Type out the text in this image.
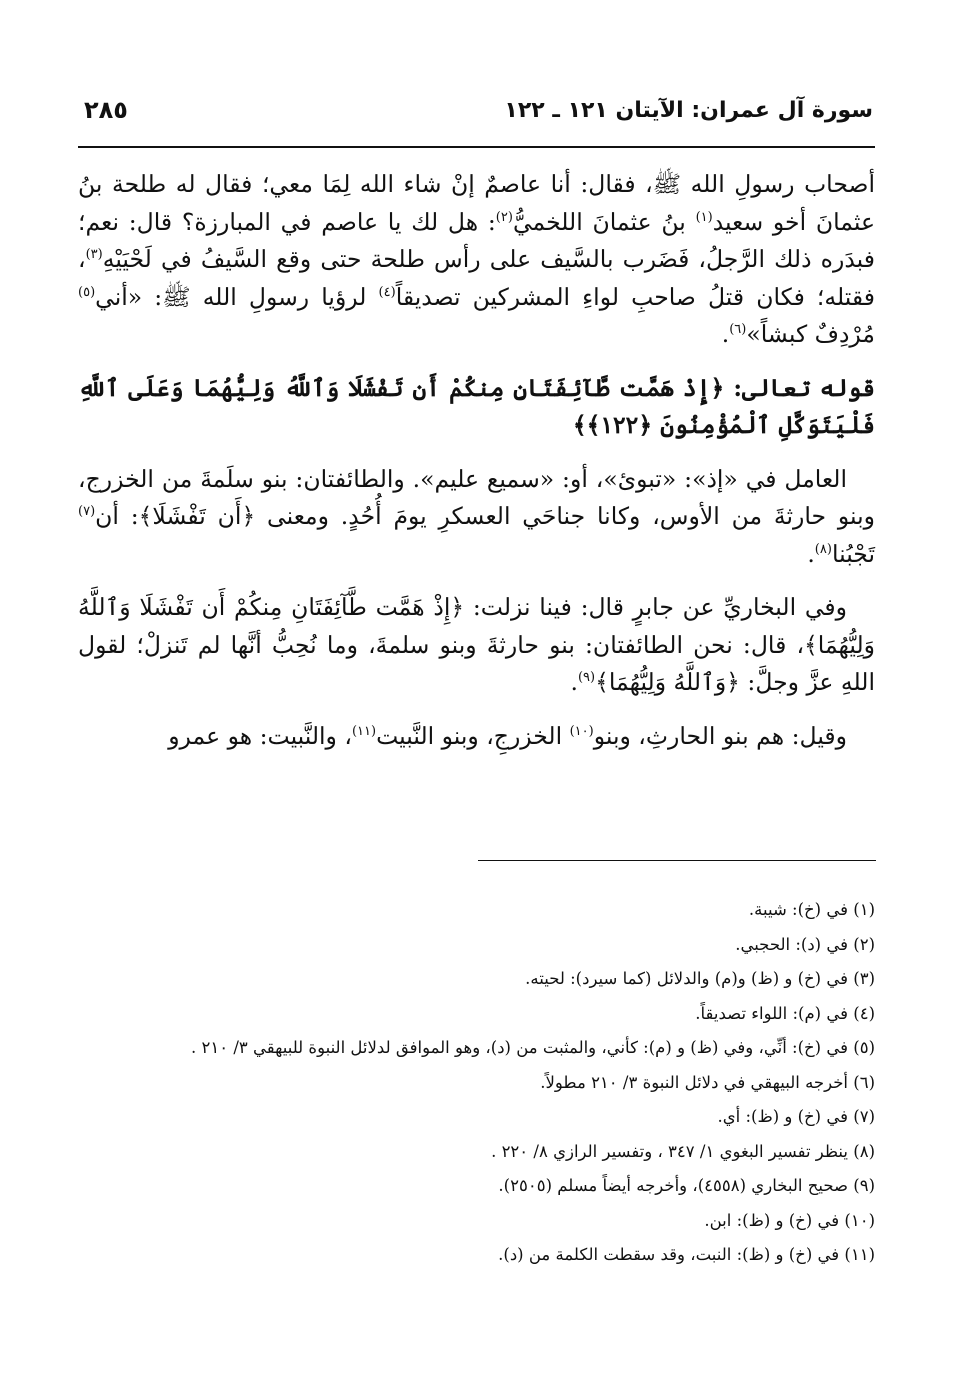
سورة آل عمران: الآيتان ١٢١ ـ ١٢٢
٢٨٥

أصحاب رسولِ الله ﷺ، فقال: أنا عاصمٌ إنْ شاء الله لِمَا معي؛ فقال له طلحة بنُ عثمانَ أخو سعيد$^{(١)}$ بنُ عثمانَ اللخميُّ$^{(٢)}$: هل لك يا عاصم في المبارزة؟ قال: نعم؛ فبدَره ذلك الرَّجلُ، فَضَرب بالسَّيف على رأس طلحة حتى وقع السَّيفُ في لَحْيَيْهِ$^{(٣)}$، فقتله؛ فكان قتلُ صاحبِ لواءِ المشركين تصديقاً$^{(٤)}$ لرؤيا رسولِ الله ﷺ: «أني$^{(٥)}$ مُرْدِفٌ كبشاً»$^{(٦)}$.

قوله تعالى: ﴿إِذْ هَمَّت طَّآئِفَتَانِ مِنكُمْ أَن تَفْشَلَا وَٱللَّهُ وَلِيُّهُمَا وَعَلَى ٱللَّهِ فَلْيَتَوَكَّلِ ٱلْمُؤْمِنُونَ ﴿١٢٢﴾﴾

العامل في «إذ»: «تبوئ»، أو: «سميع عليم». والطائفتان: بنو سلَمةَ من الخزرج، وبنو حارثةَ من الأوس، وكانا جناحَي العسكرِ يومَ أُحُدٍ. ومعنى ﴿أَن تَفْشَلَا﴾: أن$^{(٧)}$ تَجْبُنا$^{(٨)}$.

وفي البخاريِّ عن جابرٍ قال: فينا نزلت: ﴿إِذْ هَمَّت طَّآئِفَتَانِ مِنكُمْ أَن تَفْشَلَا وَٱللَّهُ وَلِيُّهُمَا﴾، قال: نحن الطائفتان: بنو حارثةَ وبنو سلمةَ، وما نُحِبُّ أنَّها لم تَنزلْ؛ لقول اللهِ عزَّ وجلَّ: ﴿وَٱللَّهُ وَلِيُّهُمَا﴾$^{(٩)}$.

وقيل: هم بنو الحارثِ، وبنو$^{(١٠)}$ الخزرجِ، وبنو النَّبيت$^{(١١)}$، والنَّبيت: هو عمرو

(١) في (خ): شيبة.

(٢) في (د): الحجبي.

(٣) في (خ) و (ظ) و(م) والدلائل (كما سيرد): لحيته.

(٤) في (م): اللواء تصديقاً.

(٥) في (خ): أنِّي، وفي (ظ) و (م): كأني، والمثبت من (د)، وهو الموافق لدلائل النبوة للبيهقي ٣/ ٢١٠ .

(٦) أخرجه البيهقي في دلائل النبوة ٣/ ٢١٠ مطولاً.

(٧) في (خ) و (ظ): أي.

(٨) ينظر تفسير البغوي ١/ ٣٤٧ ، وتفسير الرازي ٨/ ٢٢٠ .

(٩) صحيح البخاري (٤٥٥٨)، وأخرجه أيضاً مسلم (٢٥٠٥).

(١٠) في (خ) و (ظ): ابن.

(١١) في (خ) و (ظ): النبت، وقد سقطت الكلمة من (د).
